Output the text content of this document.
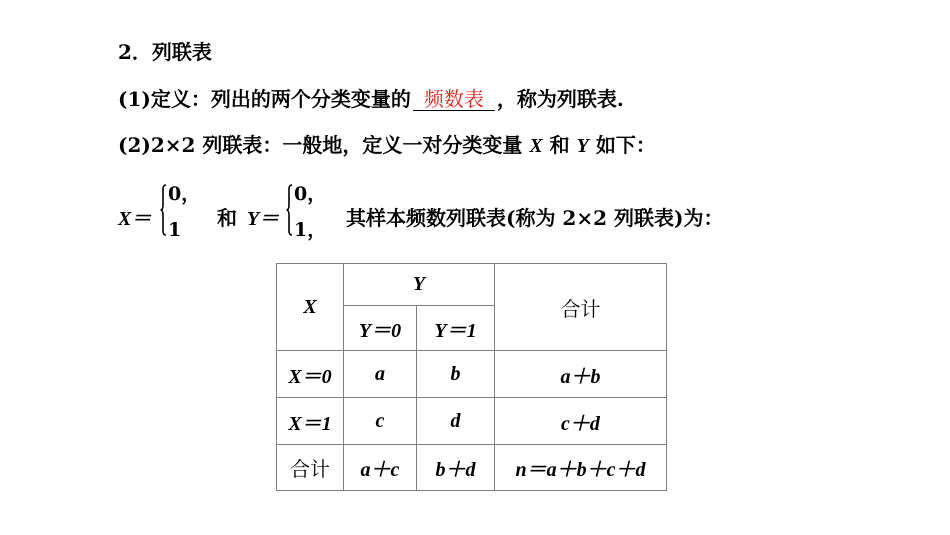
2．列联表
(1)定义：列出的两个分类变量的 频数表 ，称为列联表.
(2)2×2 列联表：一般地，定义一对分类变量 X 和 Y 如下：
X＝
0，
1 和 Y＝
0，
1， 其样本频数列联表(称为 2×2 列联表)为：
X	Y		合计
	Y＝0	Y＝1	
X＝0	a	b	a＋b
X＝1	c	d	c＋d
合计	a＋c	b＋d	n＝a＋b＋c＋d
